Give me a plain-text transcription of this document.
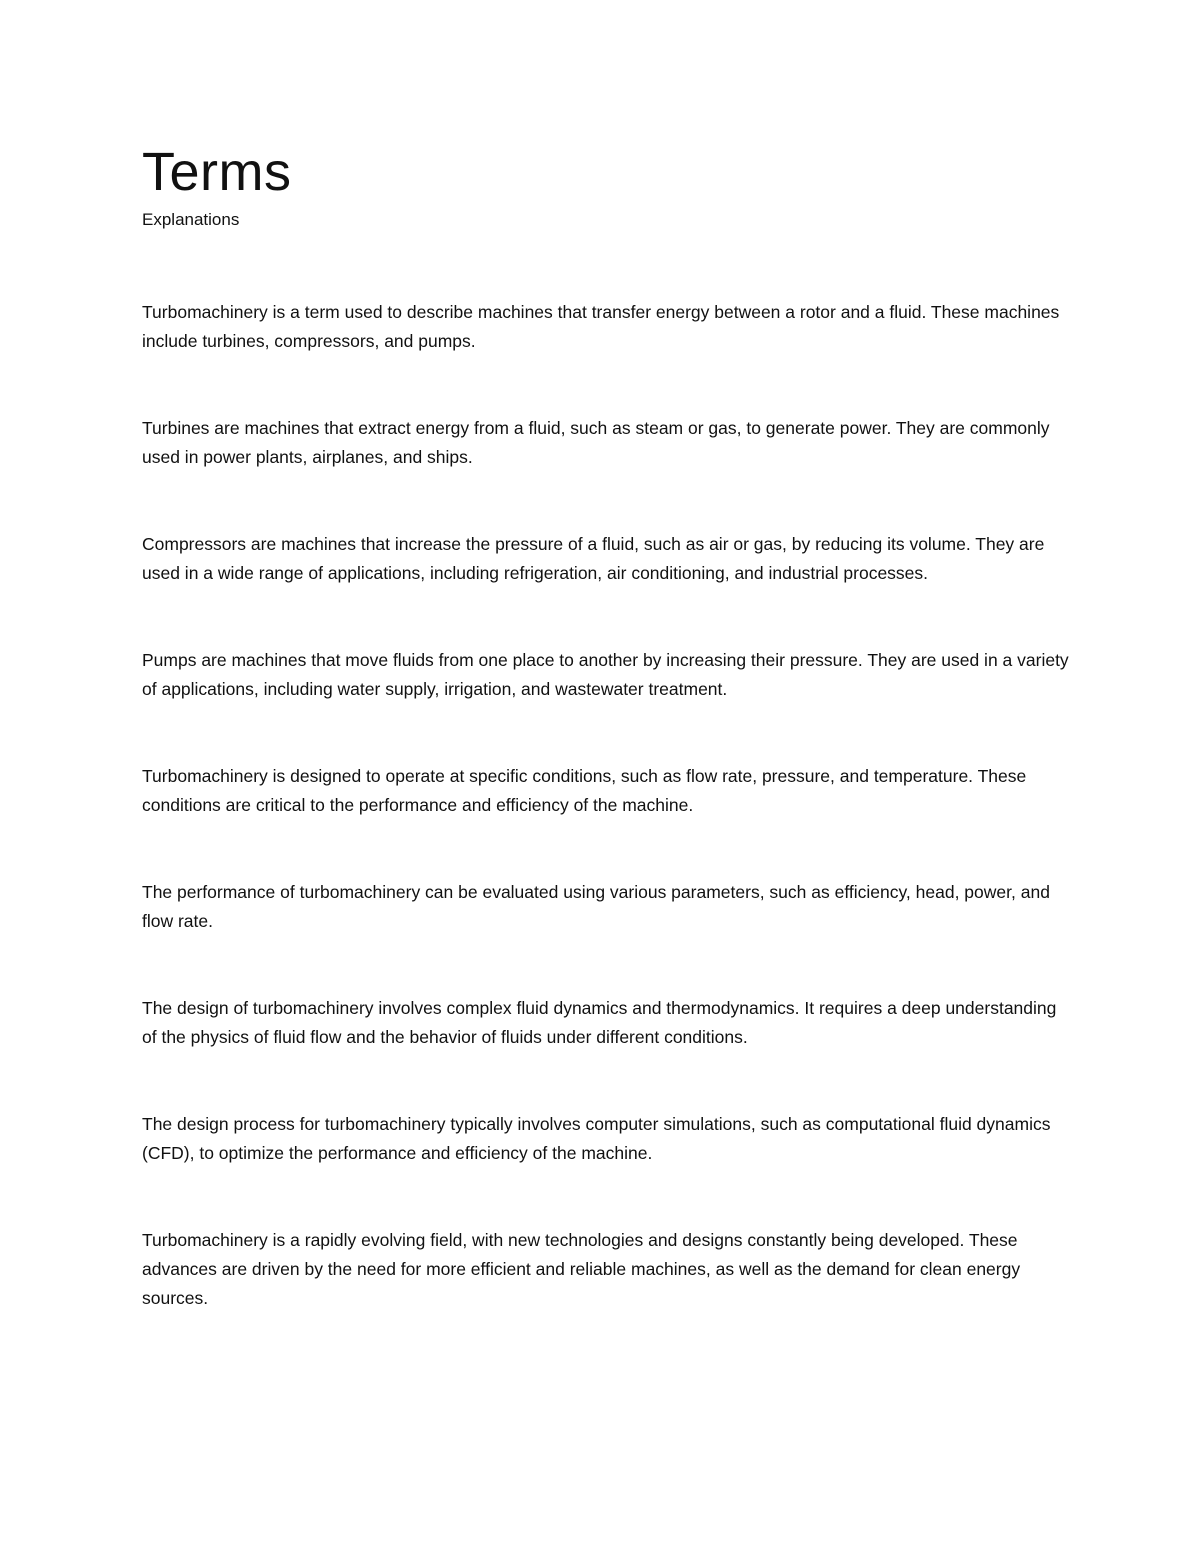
Terms

Explanations

Turbomachinery is a term used to describe machines that transfer energy between a rotor and a fluid. These machines include turbines, compressors, and pumps.

Turbines are machines that extract energy from a fluid, such as steam or gas, to generate power. They are commonly used in power plants, airplanes, and ships.

Compressors are machines that increase the pressure of a fluid, such as air or gas, by reducing its volume. They are used in a wide range of applications, including refrigeration, air conditioning, and industrial processes.

Pumps are machines that move fluids from one place to another by increasing their pressure. They are used in a variety of applications, including water supply, irrigation, and wastewater treatment.

Turbomachinery is designed to operate at specific conditions, such as flow rate, pressure, and temperature. These conditions are critical to the performance and efficiency of the machine.

The performance of turbomachinery can be evaluated using various parameters, such as efficiency, head, power, and flow rate.

The design of turbomachinery involves complex fluid dynamics and thermodynamics. It requires a deep understanding of the physics of fluid flow and the behavior of fluids under different conditions.

The design process for turbomachinery typically involves computer simulations, such as computational fluid dynamics (CFD), to optimize the performance and efficiency of the machine.

Turbomachinery is a rapidly evolving field, with new technologies and designs constantly being developed. These advances are driven by the need for more efficient and reliable machines, as well as the demand for clean energy sources.
